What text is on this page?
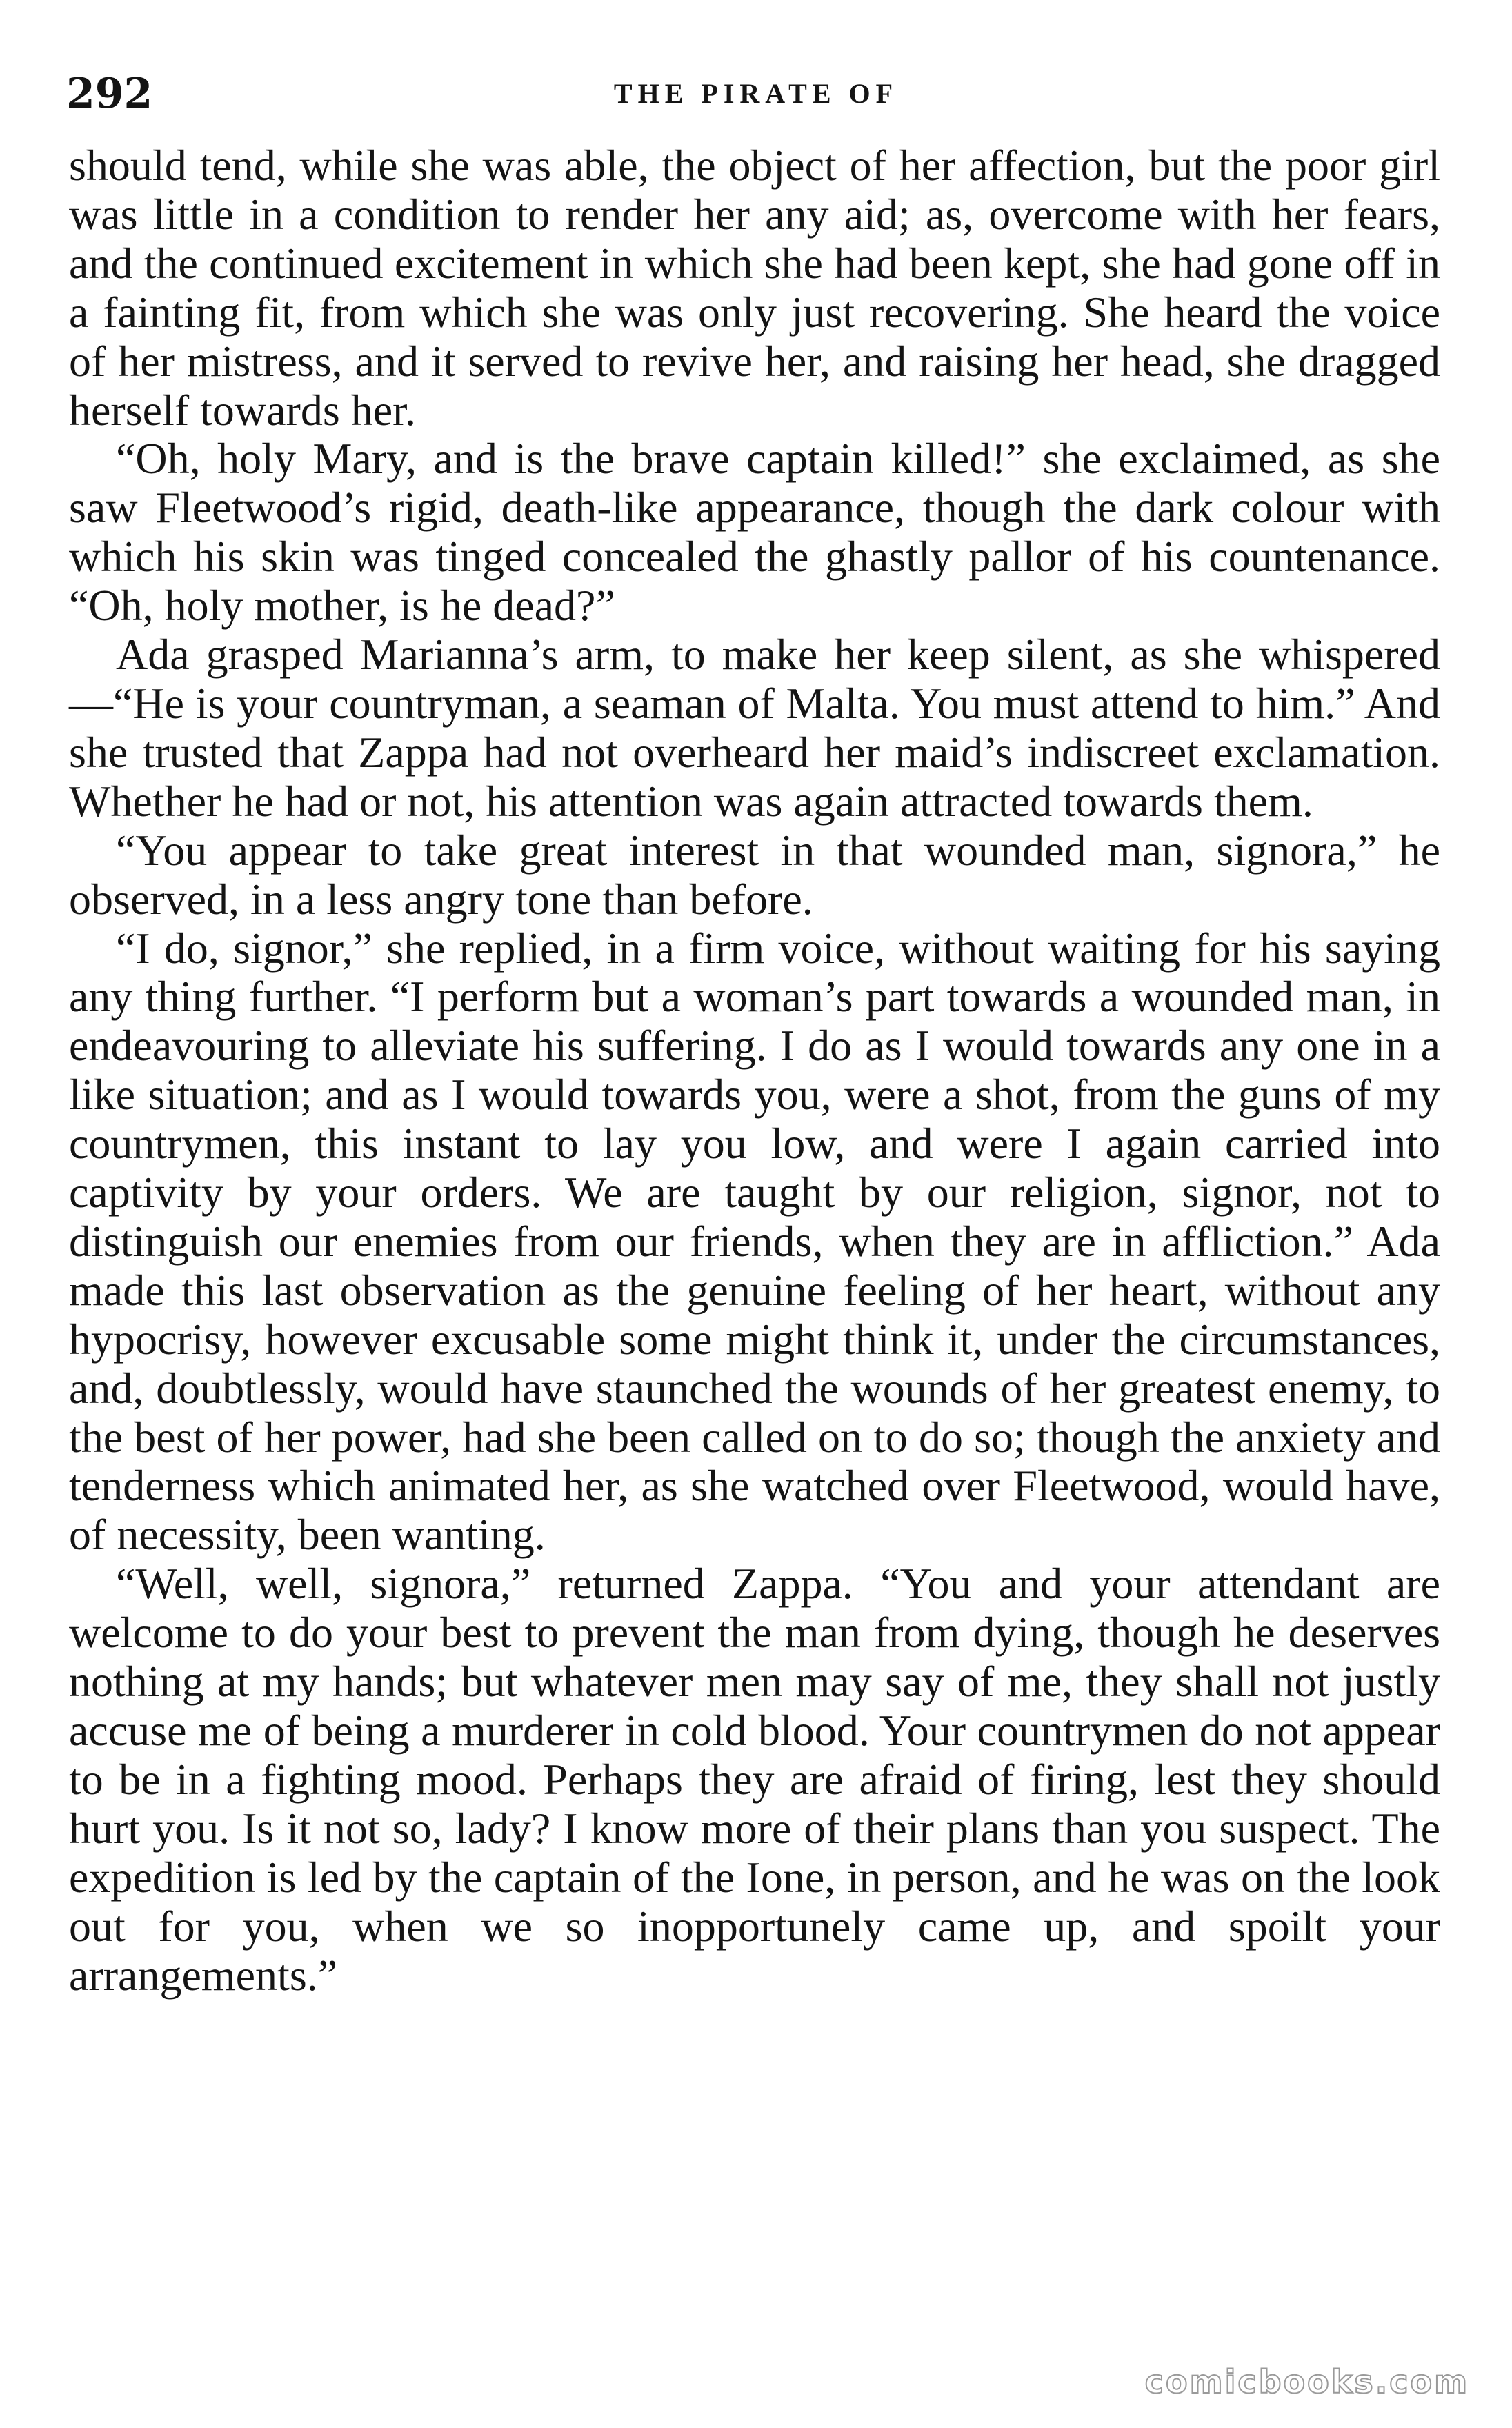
292	THE PIRATE OF

should tend, while she was able, the object of her affection, but the poor girl was little in a condition to render her any aid; as, overcome with her fears, and the continued excitement in which she had been kept, she had gone off in a fainting fit, from which she was only just recovering. She heard the voice of her mistress, and it served to revive her, and raising her head, she dragged herself towards her.

“Oh, holy Mary, and is the brave captain killed!” she exclaimed, as she saw Fleetwood’s rigid, death-like appearance, though the dark colour with which his skin was tinged concealed the ghastly pallor of his countenance. “Oh, holy mother, is he dead?”

Ada grasped Marianna’s arm, to make her keep silent, as she whispered—“He is your countryman, a seaman of Malta. You must attend to him.” And she trusted that Zappa had not overheard her maid’s indiscreet exclamation. Whether he had or not, his attention was again attracted towards them.

“You appear to take great interest in that wounded man, signora,” he observed, in a less angry tone than before.

“I do, signor,” she replied, in a firm voice, without waiting for his saying any thing further. “I perform but a woman’s part towards a wounded man, in endeavouring to alleviate his suffering. I do as I would towards any one in a like situation; and as I would towards you, were a shot, from the guns of my countrymen, this instant to lay you low, and were I again carried into captivity by your orders. We are taught by our religion, signor, not to distinguish our enemies from our friends, when they are in affliction.” Ada made this last observation as the genuine feeling of her heart, without any hypocrisy, however excusable some might think it, under the circumstances, and, doubtlessly, would have staunched the wounds of her greatest enemy, to the best of her power, had she been called on to do so; though the anxiety and tenderness which animated her, as she watched over Fleetwood, would have, of necessity, been wanting.

“Well, well, signora,” returned Zappa. “You and your attendant are welcome to do your best to prevent the man from dying, though he deserves nothing at my hands; but whatever men may say of me, they shall not justly accuse me of being a murderer in cold blood. Your countrymen do not appear to be in a fighting mood. Perhaps they are afraid of firing, lest they should hurt you. Is it not so, lady? I know more of their plans than you suspect. The expedition is led by the captain of the Ione, in person, and he was on the look out for you, when we so inopportunely came up, and spoilt your arrangements.”

comicbooks.com
